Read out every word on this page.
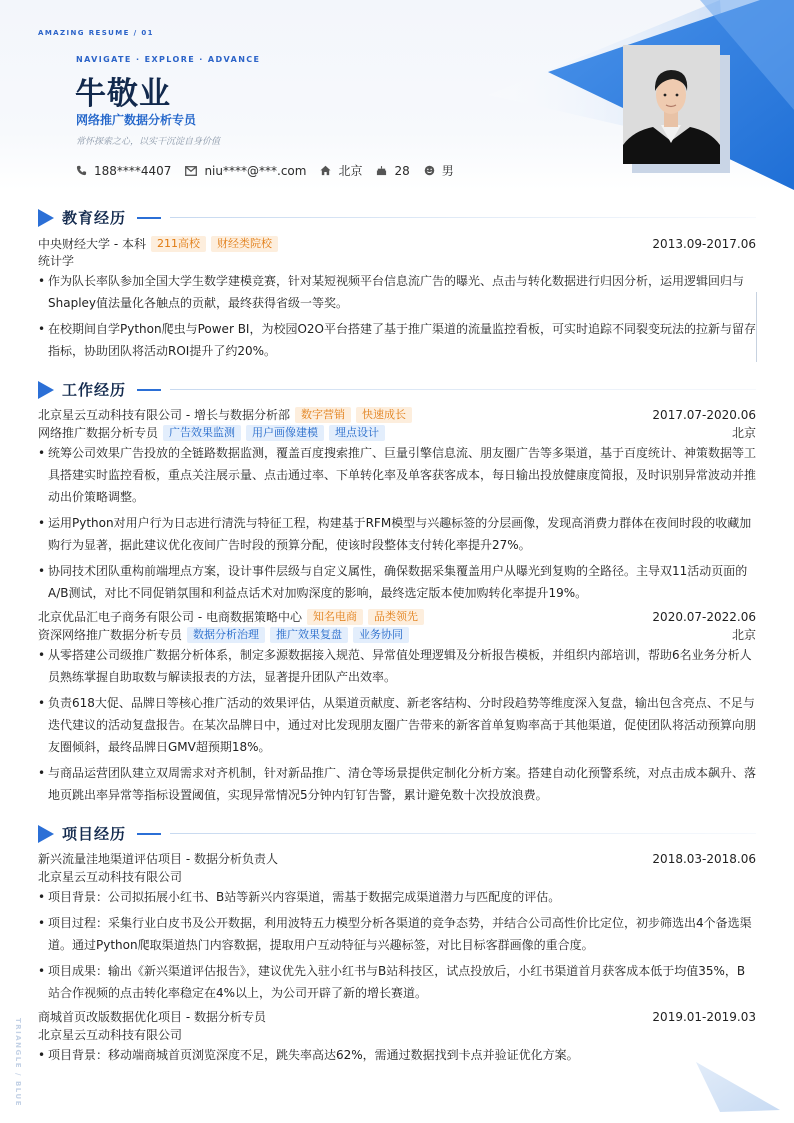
AMAZING RESUME / 01
NAVIGATE · EXPLORE · ADVANCE
牛敬业
网络推广数据分析专员
常怀探索之心，以实干沉淀自身价值
188****4407	niu****@***.com	北京	28	男
教育经历
中央财经大学 - 本科	211高校	财经类院校	2013.09-2017.06
统计学
• 作为队长率队参加全国大学生数学建模竞赛，针对某短视频平台信息流广告的曝光、点击与转化数据进行归因分析，运用逻辑回归与Shapley值法量化各触点的贡献，最终获得省级一等奖。
• 在校期间自学Python爬虫与Power BI，为校园O2O平台搭建了基于推广渠道的流量监控看板，可实时追踪不同裂变玩法的拉新与留存指标，协助团队将活动ROI提升了约20%。
工作经历
北京星云互动科技有限公司 - 增长与数据分析部	数字营销	快速成长	2017.07-2020.06
网络推广数据分析专员	广告效果监测	用户画像建模	埋点设计	北京
• 统筹公司效果广告投放的全链路数据监测，覆盖百度搜索推广、巨量引擎信息流、朋友圈广告等多渠道，基于百度统计、神策数据等工具搭建实时监控看板，重点关注展示量、点击通过率、下单转化率及单客获客成本，每日输出投放健康度简报，及时识别异常波动并推动出价策略调整。
• 运用Python对用户行为日志进行清洗与特征工程，构建基于RFM模型与兴趣标签的分层画像，发现高消费力群体在夜间时段的收藏加购行为显著，据此建议优化夜间广告时段的预算分配，使该时段整体支付转化率提升27%。
• 协同技术团队重构前端埋点方案，设计事件层级与自定义属性，确保数据采集覆盖用户从曝光到复购的全路径。主导双11活动页面的A/B测试，对比不同促销氛围和利益点话术对加购深度的影响，最终选定版本使加购转化率提升19%。
北京优品汇电子商务有限公司 - 电商数据策略中心	知名电商	品类领先	2020.07-2022.06
资深网络推广数据分析专员	数据分析治理	推广效果复盘	业务协同	北京
• 从零搭建公司级推广数据分析体系，制定多源数据接入规范、异常值处理逻辑及分析报告模板，并组织内部培训，帮助6名业务分析人员熟练掌握自助取数与解读报表的方法，显著提升团队产出效率。
• 负责618大促、品牌日等核心推广活动的效果评估，从渠道贡献度、新老客结构、分时段趋势等维度深入复盘，输出包含亮点、不足与迭代建议的活动复盘报告。在某次品牌日中，通过对比发现朋友圈广告带来的新客首单复购率高于其他渠道，促使团队将活动预算向朋友圈倾斜，最终品牌日GMV超预期18%。
• 与商品运营团队建立双周需求对齐机制，针对新品推广、清仓等场景提供定制化分析方案。搭建自动化预警系统，对点击成本飙升、落地页跳出率异常等指标设置阈值，实现异常情况5分钟内钉钉告警，累计避免数十次投放浪费。
项目经历
新兴流量洼地渠道评估项目 - 数据分析负责人	2018.03-2018.06
北京星云互动科技有限公司
• 项目背景：公司拟拓展小红书、B站等新兴内容渠道，需基于数据完成渠道潜力与匹配度的评估。
• 项目过程：采集行业白皮书及公开数据，利用波特五力模型分析各渠道的竞争态势，并结合公司高性价比定位，初步筛选出4个备选渠道。通过Python爬取渠道热门内容数据，提取用户互动特征与兴趣标签，对比目标客群画像的重合度。
• 项目成果：输出《新兴渠道评估报告》，建议优先入驻小红书与B站科技区，试点投放后，小红书渠道首月获客成本低于均值35%，B站合作视频的点击转化率稳定在4%以上，为公司开辟了新的增长赛道。
商城首页改版数据优化项目 - 数据分析专员	2019.01-2019.03
北京星云互动科技有限公司
• 项目背景：移动端商城首页浏览深度不足，跳失率高达62%，需通过数据找到卡点并验证优化方案。
TRIANGLE / BLUE
